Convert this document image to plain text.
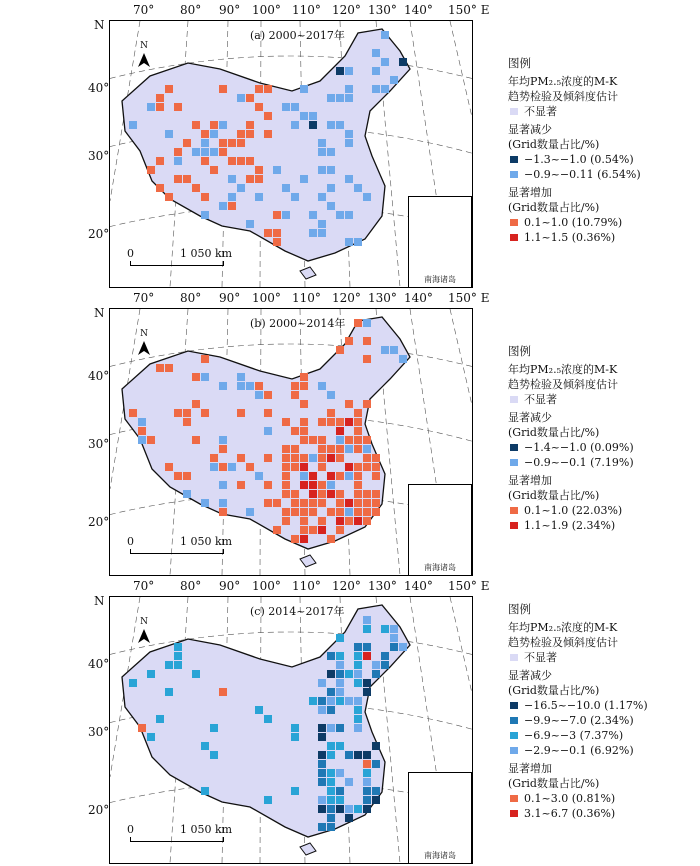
70° 80° 90° 100° 110° 120° 130° 140° 150° E
N
40°
30°
20°
(a) 2000~2017年
N
0	1 050 km
南海诸岛
图例
年均PM₂.₅浓度的M-K
趋势检验及倾斜度估计
不显著
显著减少
(Grid数量占比/%)
−1.3~−1.0 (0.54%)
−0.9~−0.11 (6.54%)
显著增加
(Grid数量占比/%)
0.1~1.0 (10.79%)
1.1~1.5 (0.36%)
70° 80° 90° 100° 110° 120° 130° 140° 150° E
N
40°
30°
20°
(b) 2000~2014年
N
0	1 050 km
南海诸岛
图例
年均PM₂.₅浓度的M-K
趋势检验及倾斜度估计
不显著
显著减少
(Grid数量占比/%)
−1.4~−1.0 (0.09%)
−0.9~−0.1 (7.19%)
显著增加
(Grid数量占比/%)
0.1~1.0 (22.03%)
1.1~1.9 (2.34%)
70° 80° 90° 100° 110° 120° 130° 140° 150° E
N
40°
30°
20°
(c) 2014~2017年
N
0	1 050 km
南海诸岛
图例
年均PM₂.₅浓度的M-K
趋势检验及倾斜度估计
不显著
显著减少
(Grid数量占比/%)
−16.5~−10.0 (1.17%)
−9.9~−7.0 (2.34%)
−6.9~−3 (7.37%)
−2.9~−0.1 (6.92%)
显著增加
(Grid数量占比/%)
0.1~3.0 (0.81%)
3.1~6.7 (0.36%)
